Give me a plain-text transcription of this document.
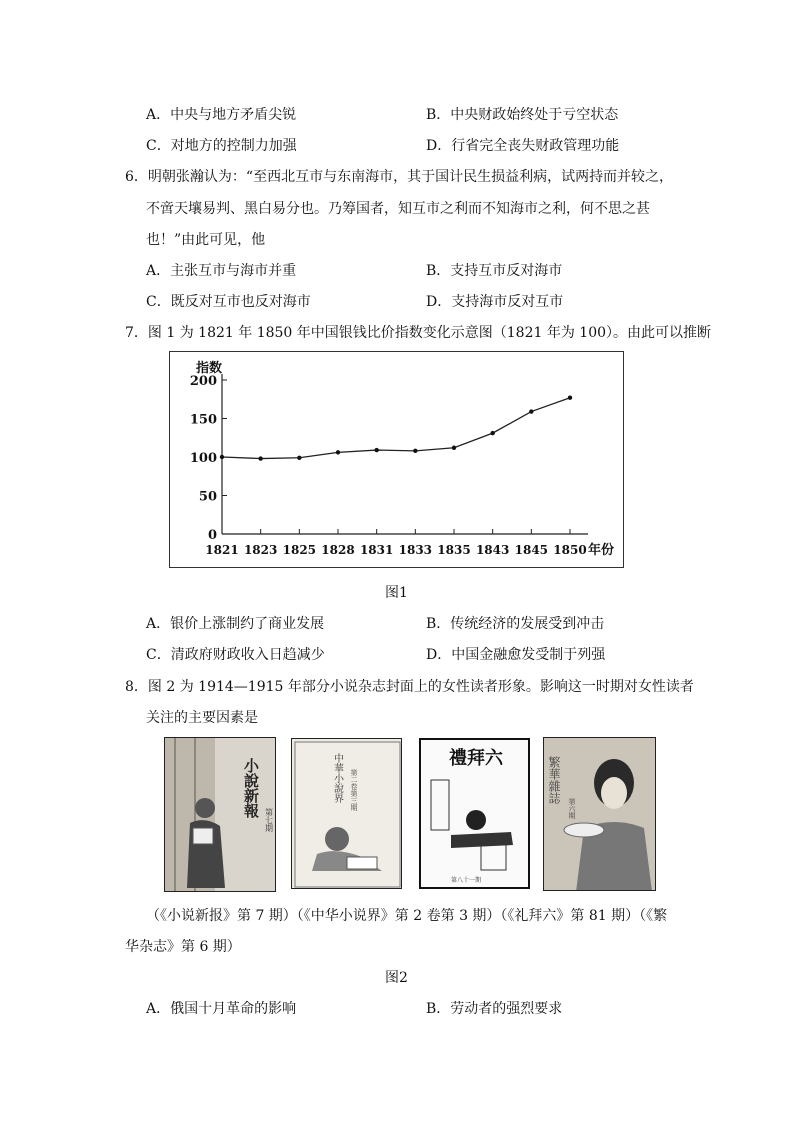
A．中央与地方矛盾尖锐	B．中央财政始终处于亏空状态
C．对地方的控制力加强	D．行省完全丧失财政管理功能
6．明朝张瀚认为：“至西北互市与东南海市，其于国计民生损益利病，试两持而并较之，
不啻天壤易判、黑白易分也。乃筹国者，知互市之利而不知海市之利，何不思之甚
也！”由此可见，他
A．主张互市与海市并重	B．支持互市反对海市
C．既反对互市也反对海市	D．支持海市反对互市
7．图 1 为 1821 年 1850 年中国银钱比价指数变化示意图（1821 年为 100）。由此可以推断
0
50
100
150
200
指数
1821 1823 1825 1828 1831 1833 1835 1843 1845 1850 年份
图1
A．银价上涨制约了商业发展	B．传统经济的发展受到冲击
C．清政府财政收入日趋减少	D．中国金融愈发受制于列强
8．图 2 为 1914—1915 年部分小说杂志封面上的女性读者形象。影响这一时期对女性读者
关注的主要因素是
小說新報
第七期
中華小說界 第二卷第三期
禮拜六
第八十一期
繁華雜誌
第六期
（《小说新报》第 7 期）（《中华小说界》第 2 卷第 3 期）（《礼拜六》第 81 期）（《繁
华杂志》第 6 期）
图2
A．俄国十月革命的影响	B．劳动者的强烈要求
